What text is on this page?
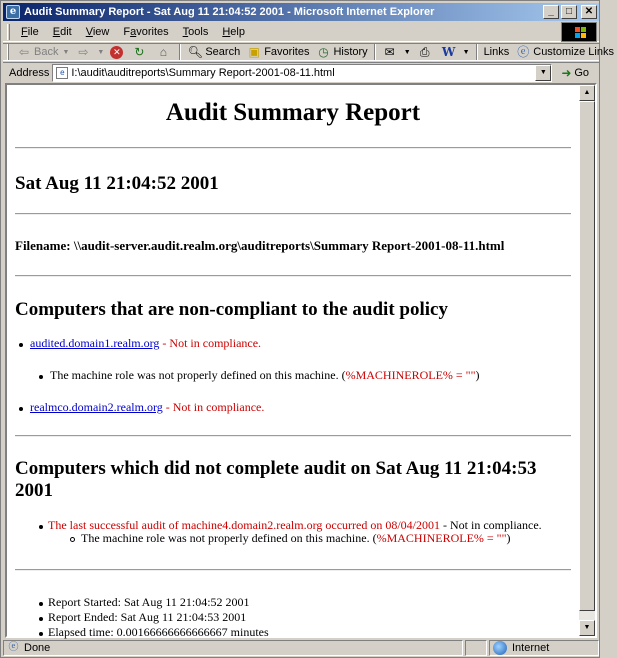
e Audit Summary Report - Sat Aug 11 21:04:52 2001 - Microsoft Internet Explorer	_	□	✕
File	Edit	View	Favorites	Tools	Help
⇦ Back ▼ ⇨	▼ ✕ ↻	⌂	🔍︎ Search ▣ Favorites ◷ History ✉	▼ ⎙ W ▼ Links ⓔ Customize Links
Address	e I:\audit\auditreports\Summary Report-2001-08-11.html	▼	➜ Go
Audit Summary Report
Sat Aug 11 21:04:52 2001
Filename: \\audit-server.audit.realm.org\auditreports\Summary Report-2001-08-11.html
Computers that are non-compliant to the audit policy
audited.domain1.realm.org - Not in compliance.
The machine role was not properly defined on this machine. (%MACHINEROLE% = "")
realmco.domain2.realm.org - Not in compliance.
Computers which did not complete audit on Sat Aug 11 21:04:53
2001
The last successful audit of machine4.domain2.realm.org occurred on 08/04/2001 - Not in compliance.
The machine role was not properly defined on this machine. (%MACHINEROLE% = "")
Report Started: Sat Aug 11 21:04:52 2001
Report Ended: Sat Aug 11 21:04:53 2001
Elapsed time: 0.00166666666666667 minutes
▲
▼
ⓔ Done	Internet
